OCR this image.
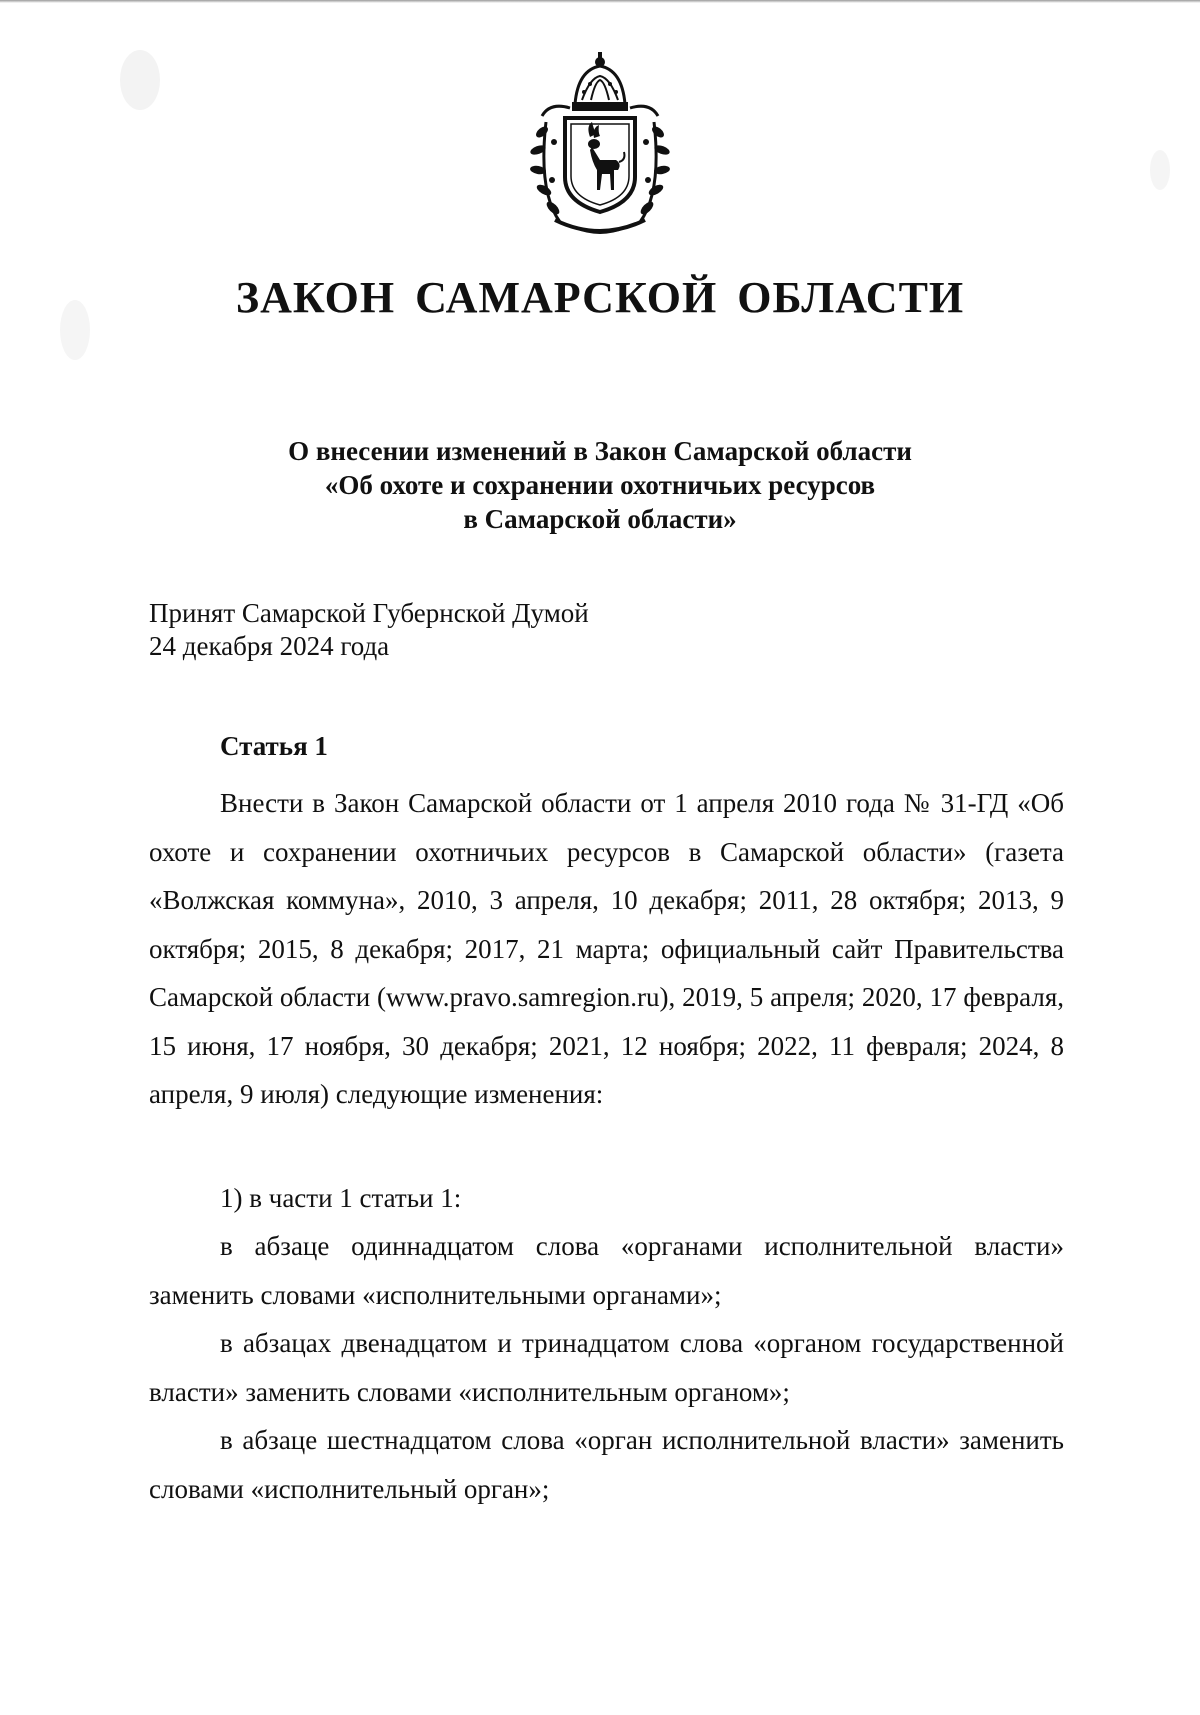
ЗАКОН САМАРСКОЙ ОБЛАСТИ
О внесении изменений в Закон Самарской области
«Об охоте и сохранении охотничьих ресурсов
в Самарской области»
Принят Самарской Губернской Думой
24 декабря 2024 года
Статья 1

Внести в Закон Самарской области от 1 апреля 2010 года № 31-ГД «Об охоте и сохранении охотничьих ресурсов в Самарской области» (газета «Волжская коммуна», 2010, 3 апреля, 10 декабря; 2011, 28 октября; 2013, 9 октября; 2015, 8 декабря; 2017, 21 марта; официальный сайт Правительства Самарской области (www.pravo.samregion.ru), 2019, 5 апреля; 2020, 17 февраля, 15 июня, 17 ноября, 30 декабря; 2021, 12 ноября; 2022, 11 февраля; 2024, 8 апреля, 9 июля) следующие изменения:

1) в части 1 статьи 1:

в абзаце одиннадцатом слова «органами исполнительной власти» заменить словами «исполнительными органами»;

в абзацах двенадцатом и тринадцатом слова «органом государственной власти» заменить словами «исполнительным органом»;

в абзаце шестнадцатом слова «орган исполнительной власти» заменить словами «исполнительный орган»;
